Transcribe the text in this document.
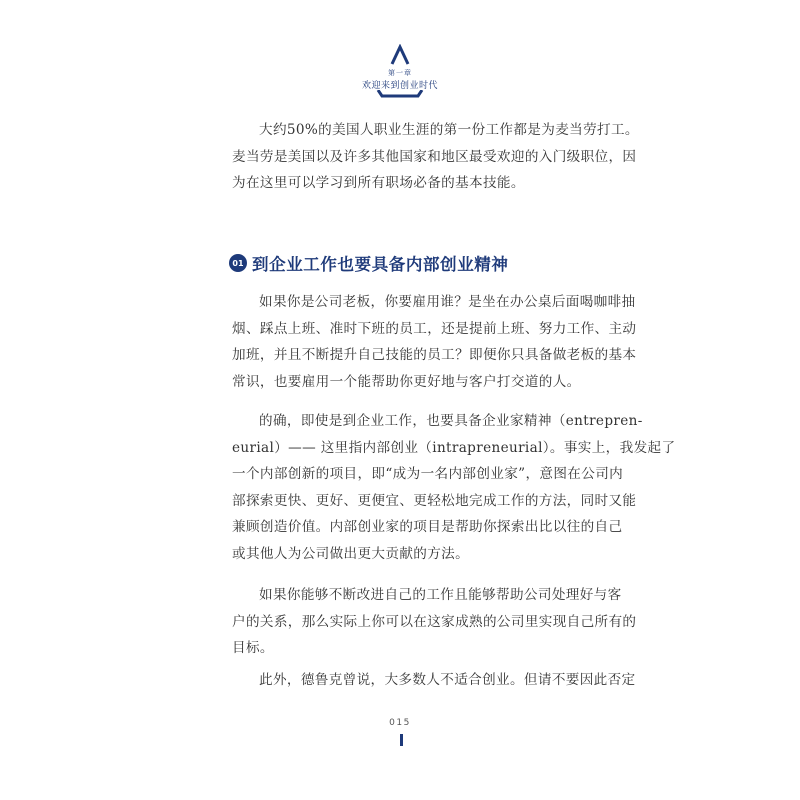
第一章
欢迎来到创业时代
大约50%的美国人职业生涯的第一份工作都是为麦当劳打工。
麦当劳是美国以及许多其他国家和地区最受欢迎的入门级职位，因
为在这里可以学习到所有职场必备的基本技能。
01 到企业工作也要具备内部创业精神
如果你是公司老板，你要雇用谁？是坐在办公桌后面喝咖啡抽
烟、踩点上班、准时下班的员工，还是提前上班、努力工作、主动
加班，并且不断提升自己技能的员工？即便你只具备做老板的基本
常识，也要雇用一个能帮助你更好地与客户打交道的人。
的确，即使是到企业工作，也要具备企业家精神（entrepren-
eurial）—— 这里指内部创业（intrapreneurial）。事实上，我发起了
一个内部创新的项目，即“成为一名内部创业家”，意图在公司内
部探索更快、更好、更便宜、更轻松地完成工作的方法，同时又能
兼顾创造价值。内部创业家的项目是帮助你探索出比以往的自己
或其他人为公司做出更大贡献的方法。
如果你能够不断改进自己的工作且能够帮助公司处理好与客
户的关系，那么实际上你可以在这家成熟的公司里实现自己所有的
目标。
此外，德鲁克曾说，大多数人不适合创业。但请不要因此否定
015
